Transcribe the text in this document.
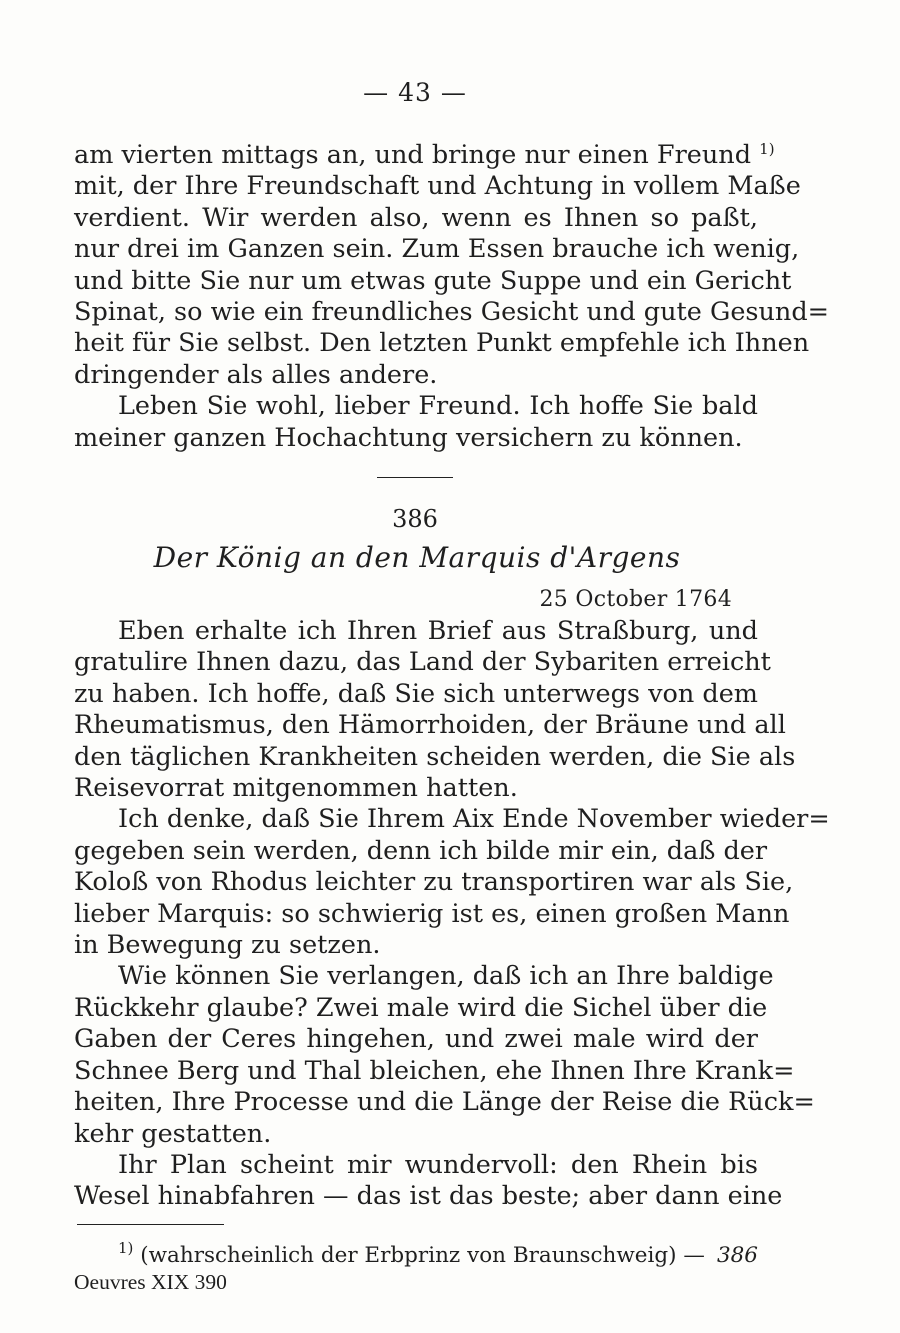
— 43 —
am vierten mittags an, und bringe nur einen Freund $^{1)}$
mit, der Ihre Freundschaft und Achtung in vollem Maße
verdient. Wir werden also, wenn es Ihnen so paßt,
nur drei im Ganzen sein. Zum Essen brauche ich wenig,
und bitte Sie nur um etwas gute Suppe und ein Gericht
Spinat, so wie ein freundliches Gesicht und gute Gesund=
heit für Sie selbst. Den letzten Punkt empfehle ich Ihnen
dringender als alles andere.
Leben Sie wohl, lieber Freund. Ich hoffe Sie bald
meiner ganzen Hochachtung versichern zu können.
386
Der König an den Marquis d'Argens
25 October 1764
Eben erhalte ich Ihren Brief aus Straßburg, und
gratulire Ihnen dazu, das Land der Sybariten erreicht
zu haben. Ich hoffe, daß Sie sich unterwegs von dem
Rheumatismus, den Hämorrhoiden, der Bräune und all
den täglichen Krankheiten scheiden werden, die Sie als
Reisevorrat mitgenommen hatten.
Ich denke, daß Sie Ihrem Aix Ende November wieder=
gegeben sein werden, denn ich bilde mir ein, daß der
Koloß von Rhodus leichter zu transportiren war als Sie,
lieber Marquis: so schwierig ist es, einen großen Mann
in Bewegung zu setzen.
Wie können Sie verlangen, daß ich an Ihre baldige
Rückkehr glaube? Zwei male wird die Sichel über die
Gaben der Ceres hingehen, und zwei male wird der
Schnee Berg und Thal bleichen, ehe Ihnen Ihre Krank=
heiten, Ihre Processe und die Länge der Reise die Rück=
kehr gestatten.
Ihr Plan scheint mir wundervoll: den Rhein bis
Wesel hinabfahren — das ist das beste; aber dann eine
$^{1)}$ (wahrscheinlich der Erbprinz von Braunschweig) — 386
Oeuvres XIX 390
